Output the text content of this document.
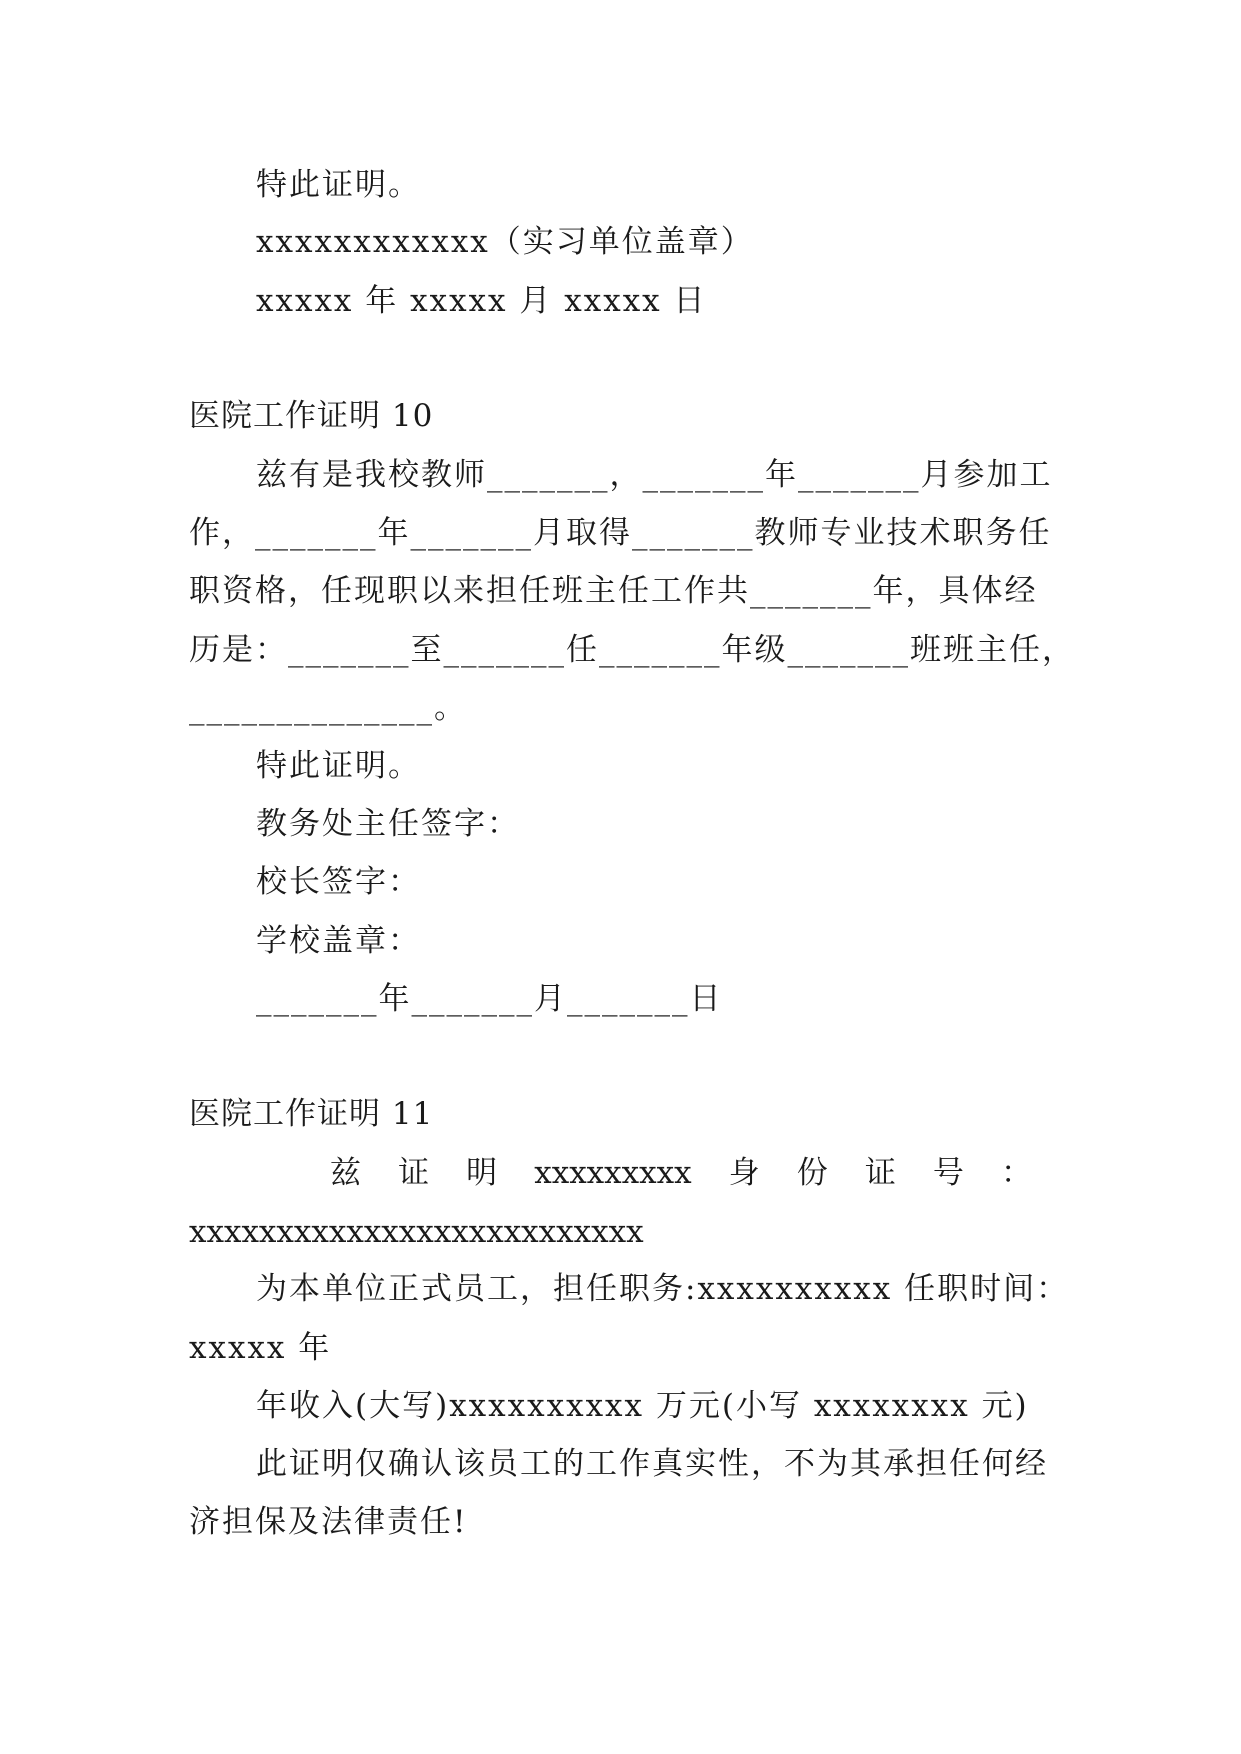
特此证明。
xxxxxxxxxxxx（实习单位盖章）
xxxxx 年 xxxxx 月 xxxxx 日
医院工作证明 10
兹有是我校教师_______，_______年_______月参加工
作，_______年_______月取得_______教师专业技术职务任
职资格，任现职以来担任班主任工作共_______年，具体经
历是：_______至_______任_______年级_______班班主任，
______________。
特此证明。
教务处主任签字：
校长签字：
学校盖章：
_______年_______月_______日
医院工作证明 11
兹 证 明 xxxxxxxxx 身 份 证 号 ：
xxxxxxxxxxxxxxxxxxxxxxxxxx
为本单位正式员工，担任职务:xxxxxxxxxx 任职时间：
xxxxx 年
年收入(大写)xxxxxxxxxx 万元(小写 xxxxxxxx 元)
此证明仅确认该员工的工作真实性，不为其承担任何经
济担保及法律责任!
